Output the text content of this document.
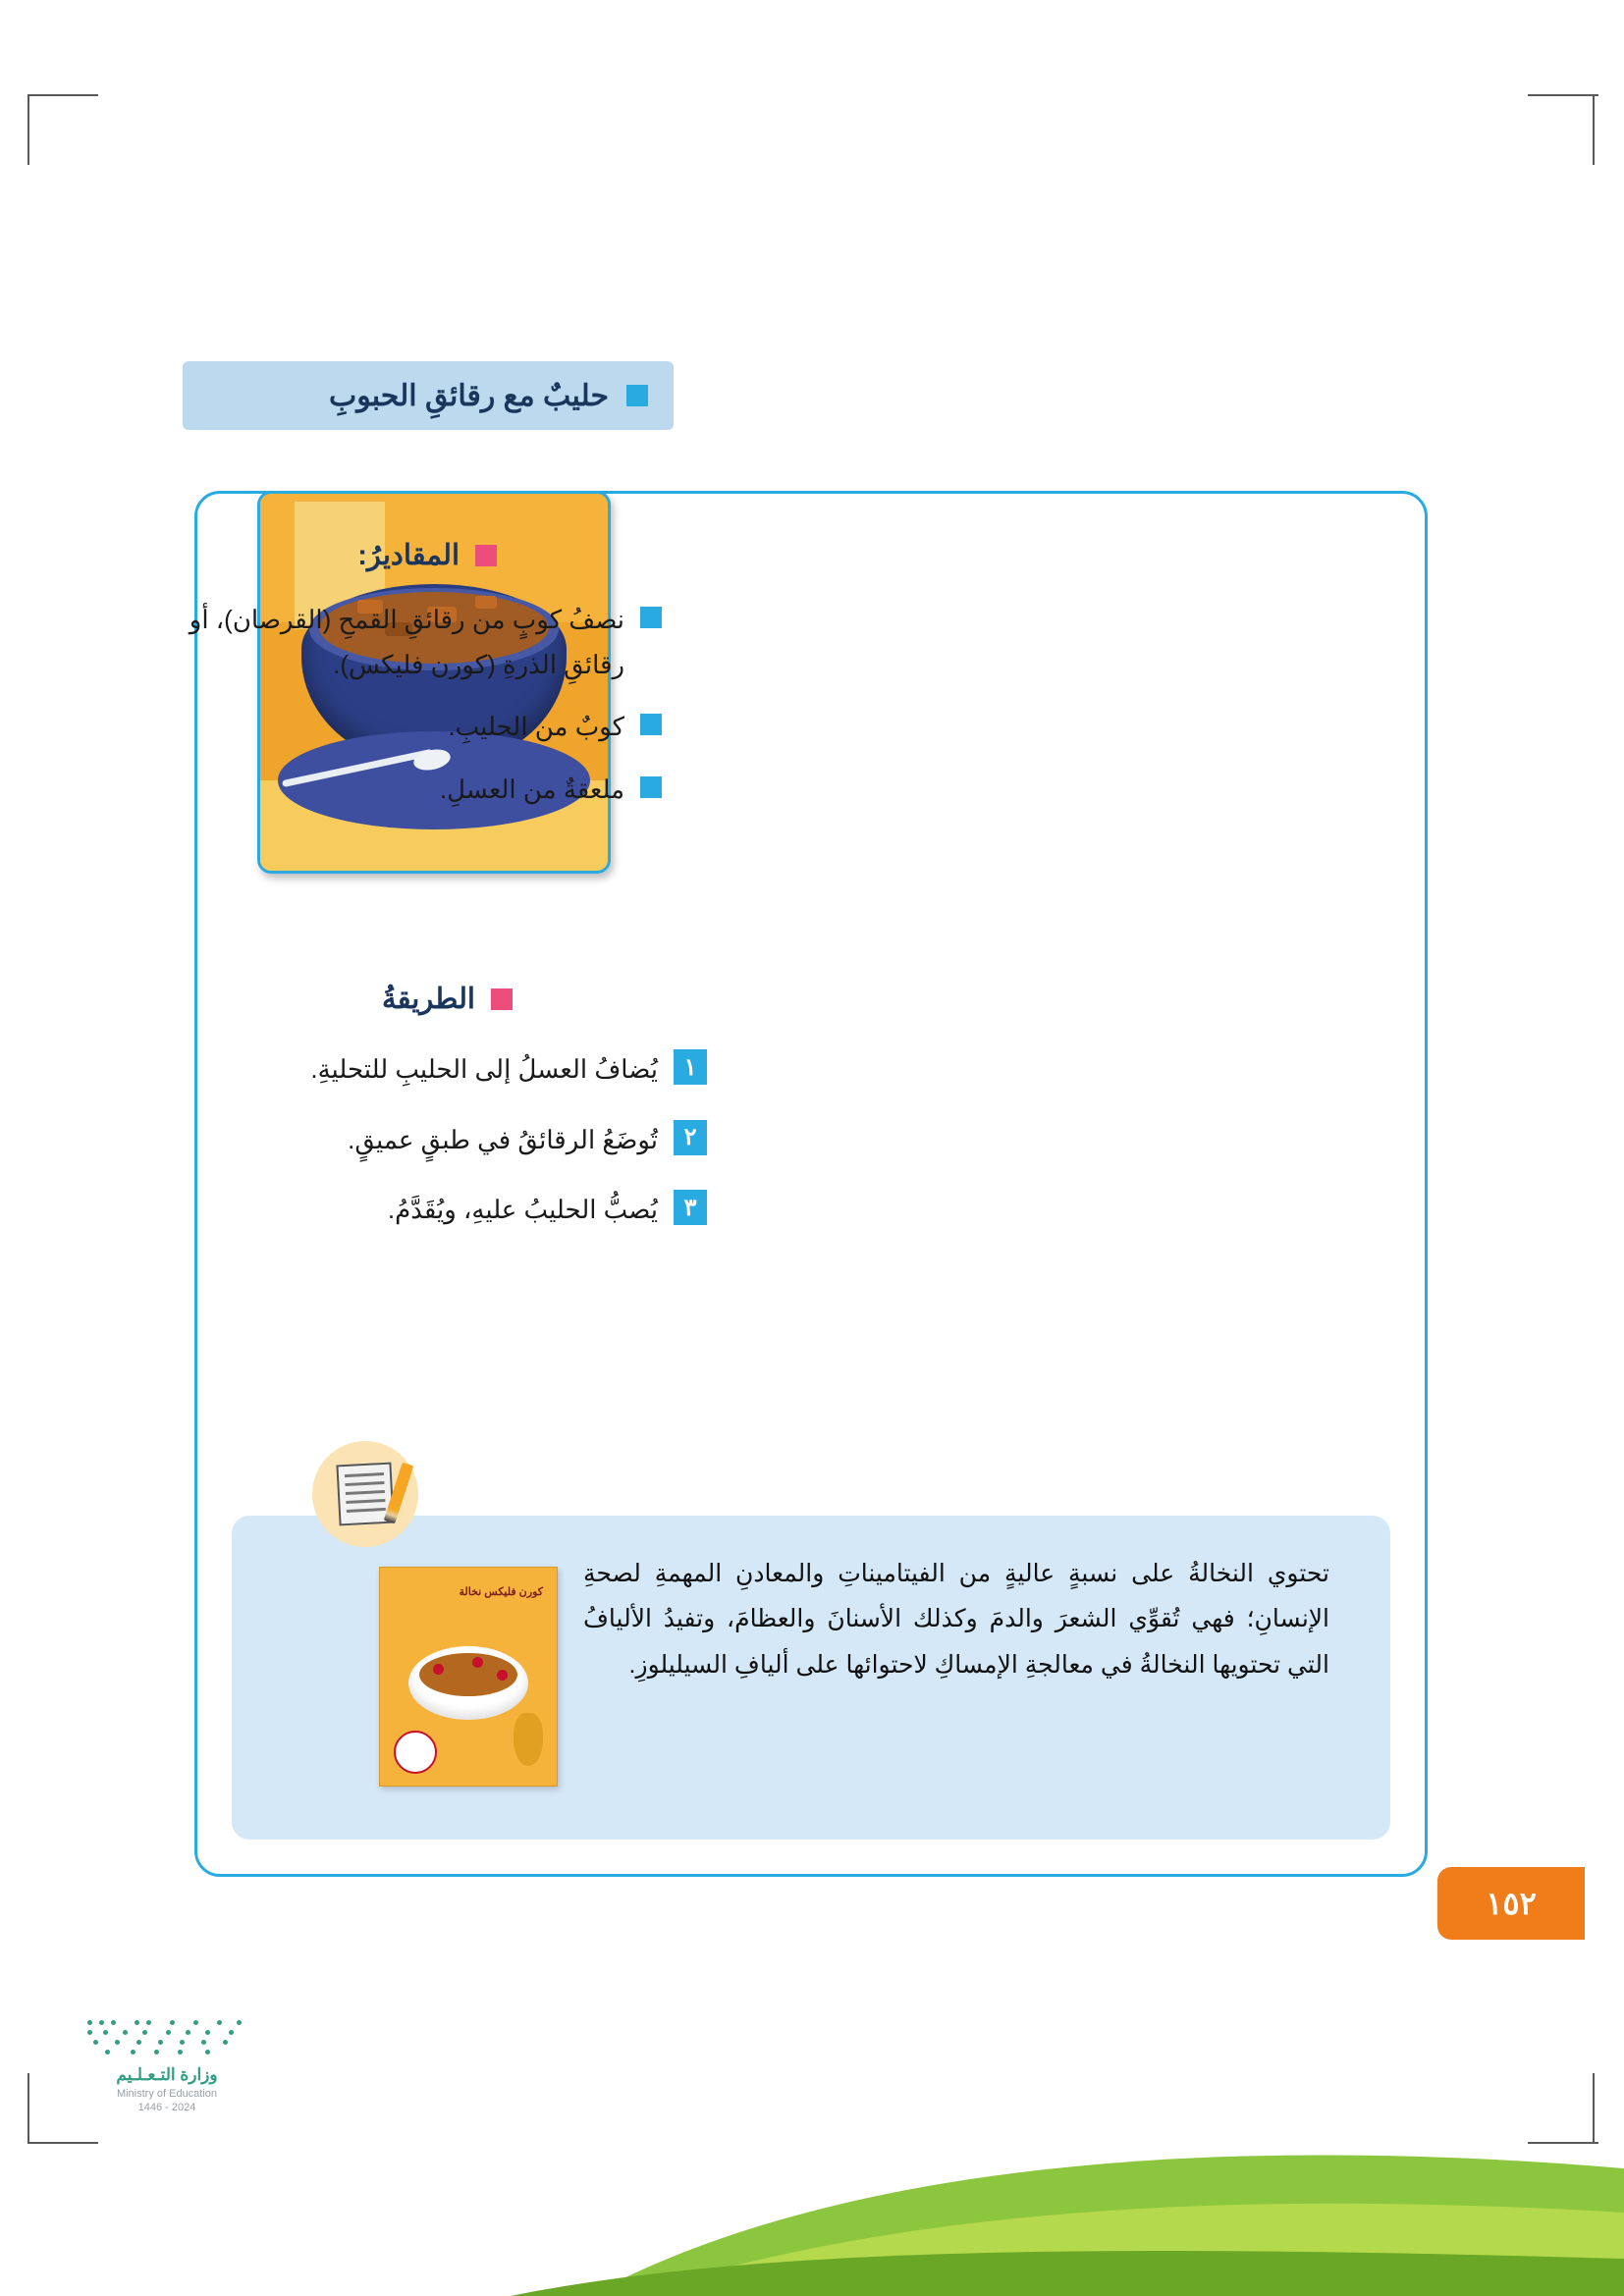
حليبٌ مع رقائقِ الحبوبِ
المقاديرُ:
نصفُ كوبٍ من رقائقِ القمحِ (القرصان)، أو رقائقِ الذرةِ (كورن فليكس).
كوبٌ من الحليبِ.
ملعقةٌ من العسلِ.
الطريقةُ
١
يُضافُ العسلُ إلى الحليبِ للتحليةِ.
٢
تُوضَعُ الرقائقُ في طبقٍ عميقٍ.
٣
يُصبُّ الحليبُ عليهِ، ويُقَدَّمُ.
كورن فليكس نخالة
تحتوي النخالةُ على نسبةٍ عاليةٍ من الفيتاميناتِ والمعادنِ المهمةِ لصحةِ الإنسانِ؛ فهي تُقوِّي الشعرَ والدمَ وكذلك الأسنانَ والعظامَ، وتفيدُ الأليافُ التي تحتويها النخالةُ في معالجةِ الإمساكِ لاحتوائها على أليافِ السيليلوزِ.
١٥٢
وزارة التـعـلـيم
Ministry of Education
2024 - 1446
